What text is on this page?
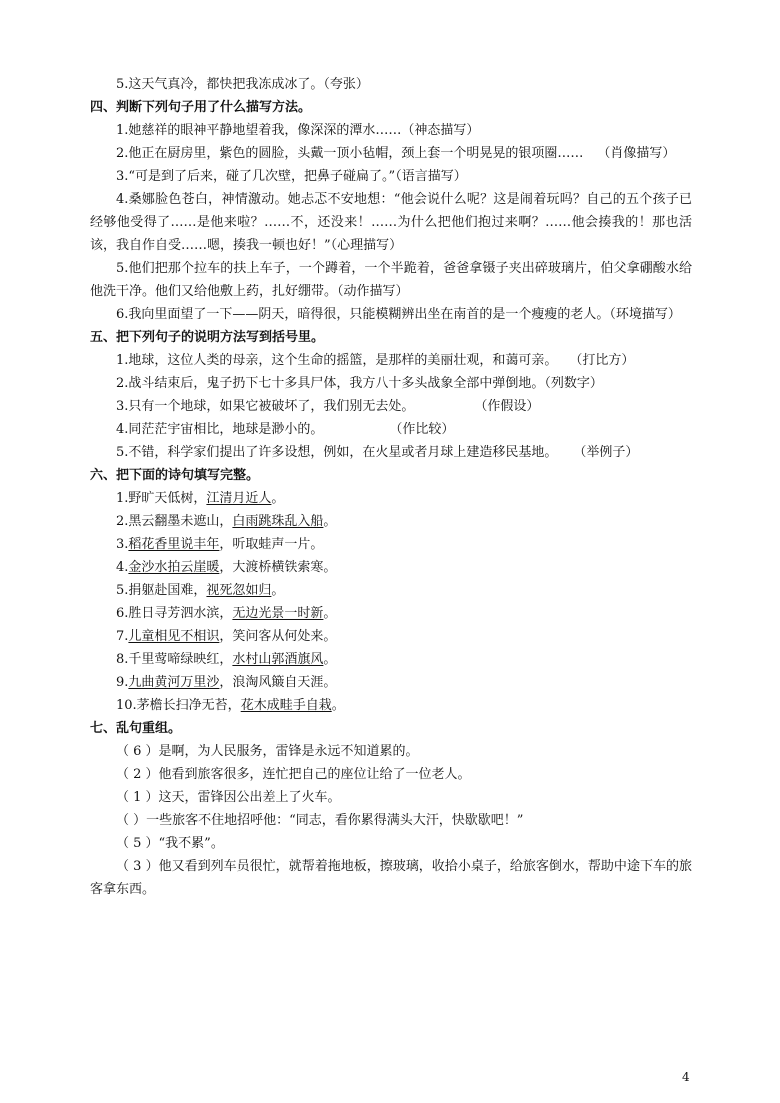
5.这天气真冷，都快把我冻成冰了。（夸张）
四、判断下列句子用了什么描写方法。
1.她慈祥的眼神平静地望着我，像深深的潭水……（神态描写）
2.他正在厨房里，紫色的圆脸，头戴一顶小毡帽，颈上套一个明晃晃的银项圈…… （肖像描写）
3.“可是到了后来，碰了几次壁，把鼻子碰扁了。”（语言描写）
4.桑娜脸色苍白，神情激动。她忐忑不安地想：“他会说什么呢？这是闹着玩吗？自己的五个孩子已经够他受得了……是他来啦？……不，还没来！……为什么把他们抱过来啊？……他会揍我的！那也活该，我自作自受……嗯，揍我一顿也好！”（心理描写）
5.他们把那个拉车的扶上车子，一个蹲着，一个半跪着，爸爸拿镊子夹出碎玻璃片，伯父拿硼酸水给他洗干净。他们又给他敷上药，扎好绷带。（动作描写）
6.我向里面望了一下——阴天，暗得很，只能模糊辨出坐在南首的是一个瘦瘦的老人。（环境描写）
五、把下列句子的说明方法写到括号里。
1.地球，这位人类的母亲，这个生命的摇篮，是那样的美丽壮观，和蔼可亲。 （打比方）
2.战斗结束后，鬼子扔下七十多具尸体，我方八十多头战象全部中弹倒地。（列数字）
3.只有一个地球，如果它被破坏了，我们别无去处。	（作假设）
4.同茫茫宇宙相比，地球是渺小的。	（作比较）
5.不错，科学家们提出了许多设想，例如，在火星或者月球上建造移民基地。 （举例子）
六、把下面的诗句填写完整。
1.野旷天低树，江清月近人。
2.黑云翻墨未遮山，白雨跳珠乱入船。
3.稻花香里说丰年，听取蛙声一片。
4.金沙水拍云崖暖，大渡桥横铁索寒。
5.捐躯赴国难，视死忽如归。
6.胜日寻芳泗水滨，无边光景一时新。
7.儿童相见不相识，笑问客从何处来。
8.千里莺啼绿映红，水村山郭酒旗风。
9.九曲黄河万里沙，浪淘风簸自天涯。
10.茅檐长扫净无苔，花木成畦手自栽。
七、乱句重组。
（ 6 ）是啊，为人民服务，雷锋是永远不知道累的。
（ 2 ）他看到旅客很多，连忙把自己的座位让给了一位老人。
（ 1 ）这天，雷锋因公出差上了火车。
（ ）一些旅客不住地招呼他：“同志，看你累得满头大汗，快歇歇吧！”
（ 5 ）“我不累”。
（ 3 ）他又看到列车员很忙，就帮着拖地板，擦玻璃，收拾小桌子，给旅客倒水，帮助中途下车的旅客拿东西。
4
